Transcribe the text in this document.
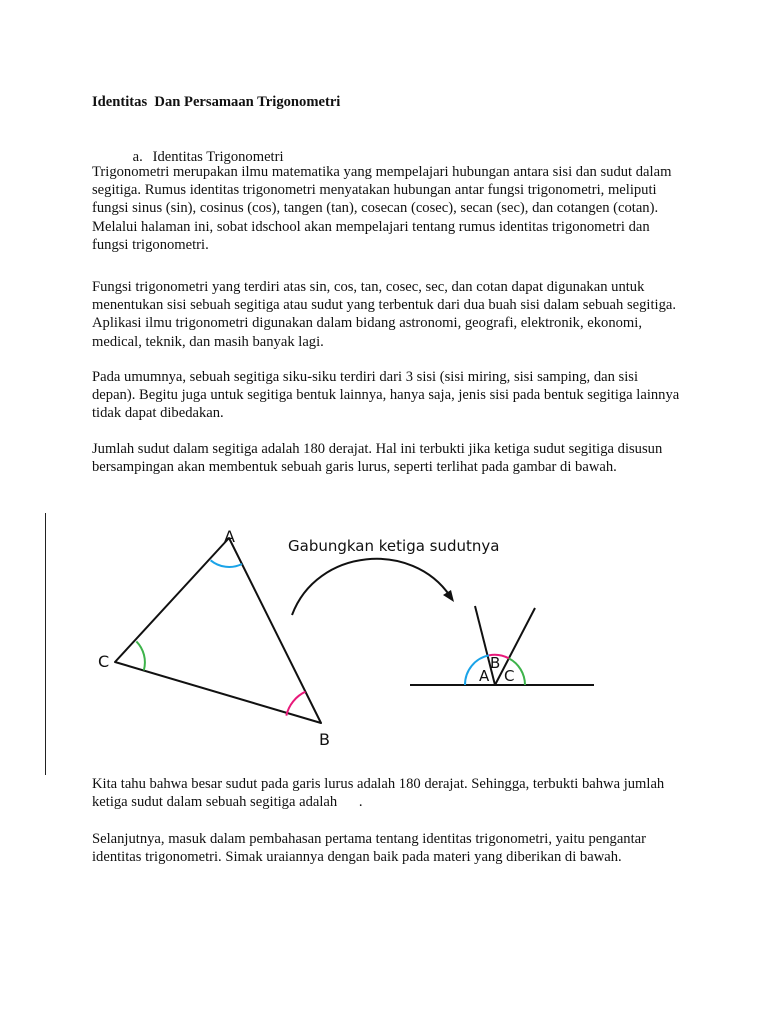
Identitas  Dan Persamaan Trigonometri

a. Identitas Trigonometri

Trigonometri merupakan ilmu matematika yang mempelajari hubungan antara sisi dan sudut dalam segitiga. Rumus identitas trigonometri menyatakan hubungan antar fungsi trigonometri, meliputi fungsi sinus (sin), cosinus (cos), tangen (tan), cosecan (cosec), secan (sec), dan cotangen (cotan). Melalui halaman ini, sobat idschool akan mempelajari tentang rumus identitas trigonometri dan fungsi trigonometri.

Fungsi trigonometri yang terdiri atas sin, cos, tan, cosec, sec, dan cotan dapat digunakan untuk menentukan sisi sebuah segitiga atau sudut yang terbentuk dari dua buah sisi dalam sebuah segitiga. Aplikasi ilmu trigonometri digunakan dalam bidang astronomi, geografi, elektronik, ekonomi, medical, teknik, dan masih banyak lagi.

Pada umumnya, sebuah segitiga siku-siku terdiri dari 3 sisi (sisi miring, sisi samping, dan sisi depan). Begitu juga untuk segitiga bentuk lainnya, hanya saja, jenis sisi pada bentuk segitiga lainnya tidak dapat dibedakan.

Jumlah sudut dalam segitiga adalah 180 derajat. Hal ini terbukti jika ketiga sudut segitiga disusun bersampingan akan membentuk sebuah garis lurus, seperti terlihat pada gambar di bawah.

A
B
C
Gabungkan ketiga sudutnya
A
B
C

Kita tahu bahwa besar sudut pada garis lurus adalah 180 derajat. Sehingga, terbukti bahwa jumlah ketiga sudut dalam sebuah segitiga adalah .

Selanjutnya, masuk dalam pembahasan pertama tentang identitas trigonometri, yaitu pengantar identitas trigonometri. Simak uraiannya dengan baik pada materi yang diberikan di bawah.
